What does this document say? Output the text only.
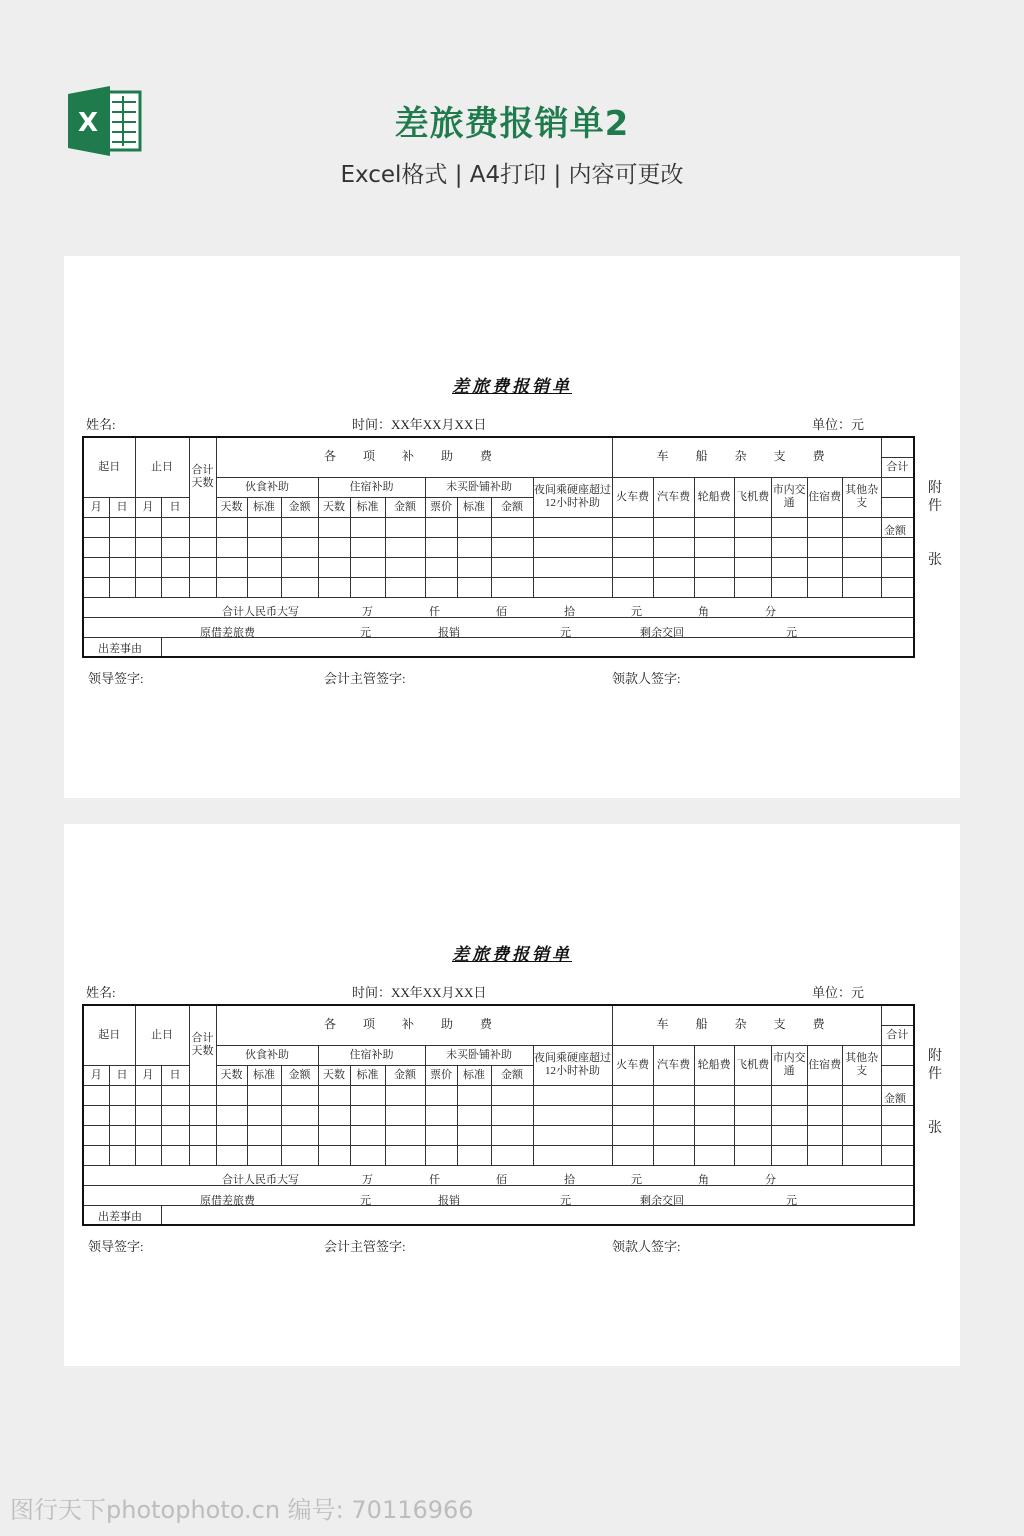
X	差旅费报销单2
Excel格式 | A4打印 | 内容可更改
差旅费报销单
姓名:	时间：XX年XX月XX日	单位：元
起日		止日		合计天数	各 项 补 助 费										车 船 杂 支 费							
																						合计
					伙食补助			住宿补助			未买卧铺补助			夜间乘硬座超过12小时补助	火车费	汽车费	轮船费	飞机费	市内交通	住宿费	其他杂支	
月	日	月	日		天数	标准	金额	天数	标准	金额	票价	标准	金额									

出差事由																						
合计人民币大写	万	仟	佰	拾	元	角	分
原借差旅费	元	报销	元	剩余交回	元
金额
附
件
张
领导签字:	会计主管签字:	领款人签字:
差旅费报销单
姓名:	时间：XX年XX月XX日	单位：元
起日		止日		合计天数	各 项 补 助 费										车 船 杂 支 费							
																						合计
					伙食补助			住宿补助			未买卧铺补助			夜间乘硬座超过12小时补助	火车费	汽车费	轮船费	飞机费	市内交通	住宿费	其他杂支	
月	日	月	日		天数	标准	金额	天数	标准	金额	票价	标准	金额									

出差事由																						
合计人民币大写	万	仟	佰	拾	元	角	分
原借差旅费	元	报销	元	剩余交回	元
金额
附
件
张
领导签字:	会计主管签字:	领款人签字:
图行天下photophoto.cn 编号: 70116966
